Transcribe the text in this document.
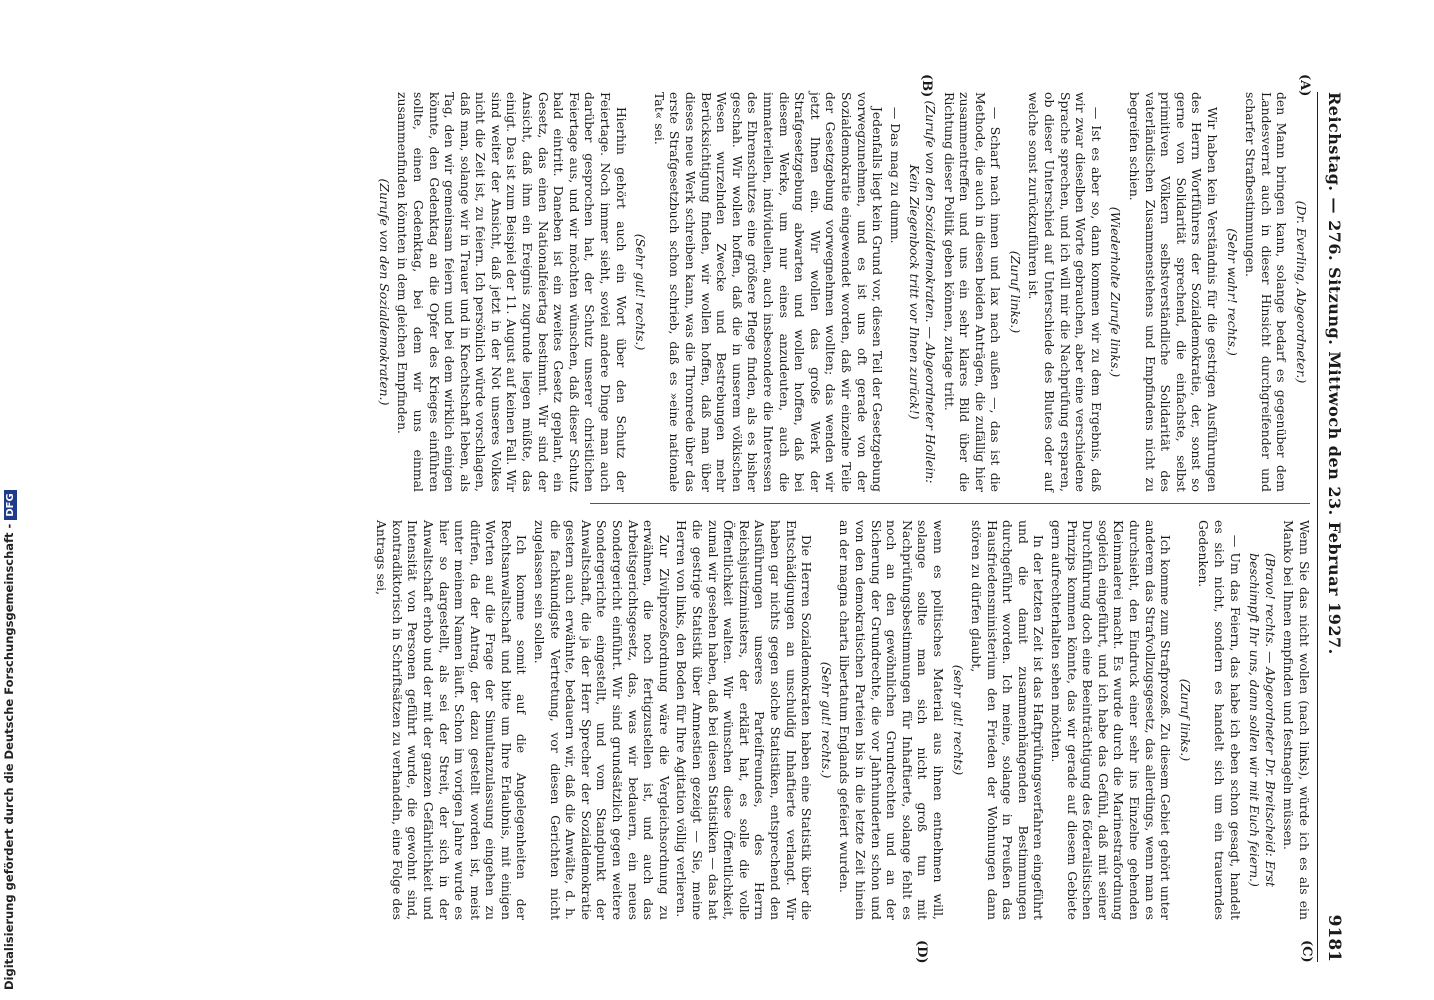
Reichstag. — 276. Sitzung. Mittwoch den 23. Februar 1927.
9181
(A)
(B)
(C)
(D)
(Dr. Everling, Abgeordneter.)

den Mann bringen kann, solange bedarf es gegenüber dem Landesverrat auch in dieser Hinsicht durchgreifender und scharfer Strafbestimmungen.

(Sehr wahr! rechts.)

Wir haben kein Verständnis für die gestrigen Ausführungen des Herrn Wortführers der Sozialdemokratie, der, sonst so gerne von Solidarität sprechend, die einfachste, selbst primitiven Völkern selbstverständliche Solidarität des vaterländischen Zusammenstehens und Empfindens nicht zu begreifen schien.

(Wiederholte Zurufe links.)

— Ist es aber so, dann kommen wir zu dem Ergebnis, daß wir zwar dieselben Worte gebrauchen, aber eine verschiedene Sprache sprechen, und ich will mir die Nachprüfung ersparen, ob dieser Unterschied auf Unterschiede des Blutes oder auf welche sonst zurückzuführen ist.

(Zuruf links.)

— Scharf nach innen und lax nach außen —, das ist die Methode, die auch in diesen beiden Anträgen, die zufällig hier zusammentreffen und uns ein sehr klares Bild über die Richtung dieser Politik geben können, zutage tritt.

(Zurufe von den Sozialdemokraten. — Abgeordneter Hollein: Kein Ziegenbock tritt vor Ihnen zurück!)

— Das mag zu dumm.

Jedenfalls liegt kein Grund vor, diesen Teil der Gesetzgebung vorwegzunehmen, und es ist uns oft gerade von der Sozialdemokratie eingewendet worden, daß wir einzelne Teile der Gesetzgebung vorwegnehmen wollten; das wenden wir jetzt Ihnen ein. Wir wollen das große Werk der Strafgesetzgebung abwarten und wollen hoffen, daß bei diesem Werke, um nur eines anzudeuten, auch die immateriellen, individuellen, auch insbesondere die Interessen des Ehrenschutzes eine größere Pflege finden, als es bisher geschah. Wir wollen hoffen, daß die in unserem völkischen Wesen wurzelnden Zwecke und Bestrebungen mehr Berücksichtigung finden, wir wollen hoffen, daß man über dieses neue Werk schreiben kann, was die Thronrede über das erste Strafgesetzbuch schon schrieb, daß es »eine nationale Tat« sei.

(Sehr gut! rechts.)

Hierhin gehört auch ein Wort über den Schutz der Feiertage. Noch immer sieht, soviel andere Dinge man auch darüber gesprochen hat, der Schutz unserer christlichen Feiertage aus, und wir möchten wünschen, daß dieser Schutz bald eintritt. Daneben ist ein zweites Gesetz geplant, ein Gesetz, das einen Nationalfeiertag bestimmt. Wir sind der Ansicht, daß ihm ein Ereignis zugrunde liegen müßte, das einigt. Das ist zum Beispiel der 11. August auf keinen Fall. Wir sind weiter der Ansicht, daß jetzt in der Not unseres Volkes nicht die Zeit ist, zu feiern. Ich persönlich würde vorschlagen, daß man, solange wir in Trauer und in Knechtschaft leben, als Tag, den wir gemeinsam feiern und bei dem wirklich einigen könnte, den Gedenktag an die Opfer des Krieges einführen sollte, einen Gedenktag, bei dem wir uns einmal zusammenfinden könnten in dem gleichen Empfinden.

(Zurufe von den Sozialdemokraten.)

Wenn Sie das nicht wollen (nach links), würde ich es als ein Manko bei Ihnen empfinden und festnageln müssen.

(Bravo! rechts. — Abgeordneter Dr. Breitscheid: Erst beschimpft Ihr uns, dann sollen wir mit Euch feiern.)

— Um das Feiern, das habe ich eben schon gesagt, handelt es sich nicht, sondern es handelt sich um ein trauerndes Gedenken.

(Zuruf links.)

Ich komme zum Strafprozeß. Zu diesem Gebiet gehört unter anderem das Strafvollzugsgesetz, das allerdings, wenn man es durchsieht, den Eindruck einer sehr ins Einzelne gehenden Kleinmalerei macht. Es wurde durch die Marinestrafordnung sogleich eingeführt, und ich habe das Gefühl, daß mit seiner Durchführung doch eine Beeinträchtigung des föderalistischen Prinzips kommen könnte, das wir gerade auf diesem Gebiete gern aufrechterhalten sehen möchten.

In der letzten Zeit ist das Haftprüfungsverfahren eingeführt und die damit zusammenhängenden Bestimmungen durchgeführt worden. Ich meine, solange in Preußen das Hausfriedensministerium den Frieden der Wohnungen dann stören zu dürfen glaubt,

(sehr gut! rechts)

wenn es politisches Material aus ihnen entnehmen will, solange sollte man sich nicht groß tun mit Nachprüfungsbestimmungen für Inhaftierte, solange fehlt es noch an den gewöhnlichen Grundrechten und an der Sicherung der Grundrechte, die vor Jahrhunderten schon und von den demokratischen Parteien bis in die letzte Zeit hinein an der magna charta libertatum Englands gefeiert wurden.

(Sehr gut! rechts.)

Die Herren Sozialdemokraten haben eine Statistik über die Entschädigungen an unschuldig Inhaftierte verlangt. Wir haben gar nichts gegen solche Statistiken, entsprechend den Ausführungen unseres Parteifreundes, des Herrn Reichsjustizministers, der erklärt hat, es solle die volle Öffentlichkeit walten. Wir wünschen diese Öffentlichkeit, zumal wir gesehen haben, daß bei diesen Statistiken — das hat die gestrige Statistik über Amnestien gezeigt — Sie, meine Herren von links, den Boden für Ihre Agitation völlig verlieren.

Zur Zivilprozeßordnung wäre die Vergleichsordnung zu erwähnen, die noch fertigzustellen ist, und auch das Arbeitsgerichtsgesetz, das, was wir bedauern, ein neues Sondergericht einführt. Wir sind grundsätzlich gegen weitere Sondergerichte eingestellt, und vom Standpunkt der Anwaltschaft, die ja der Herr Sprecher der Sozialdemokratie gestern auch erwähnte, bedauern wir, daß die Anwälte, d. h. die fachkundigste Vertretung, vor diesen Gerichten nicht zugelassen sein sollen.

Ich komme somit auf die Angelegenheiten der Rechtsanwaltschaft und bitte um Ihre Erlaubnis, mit einigen Worten auf die Frage der Simultanzulassung eingehen zu dürfen, da der Antrag, der dazu gestellt worden ist, meist unter meinem Namen läuft. Schon im vorigen Jahre wurde es hier so dargestellt, als sei der Streit, der sich in der Anwaltschaft erhob und der mit der ganzen Gefährlichkeit und Intensität von Personen geführt wurde, die gewohnt sind, kontradiktorisch in Schriftsätzen zu verhandeln, eine Folge des Antrags sei,

Digitalisierung gefördert durch die Deutsche Forschungsgemeinschaft -DFG
